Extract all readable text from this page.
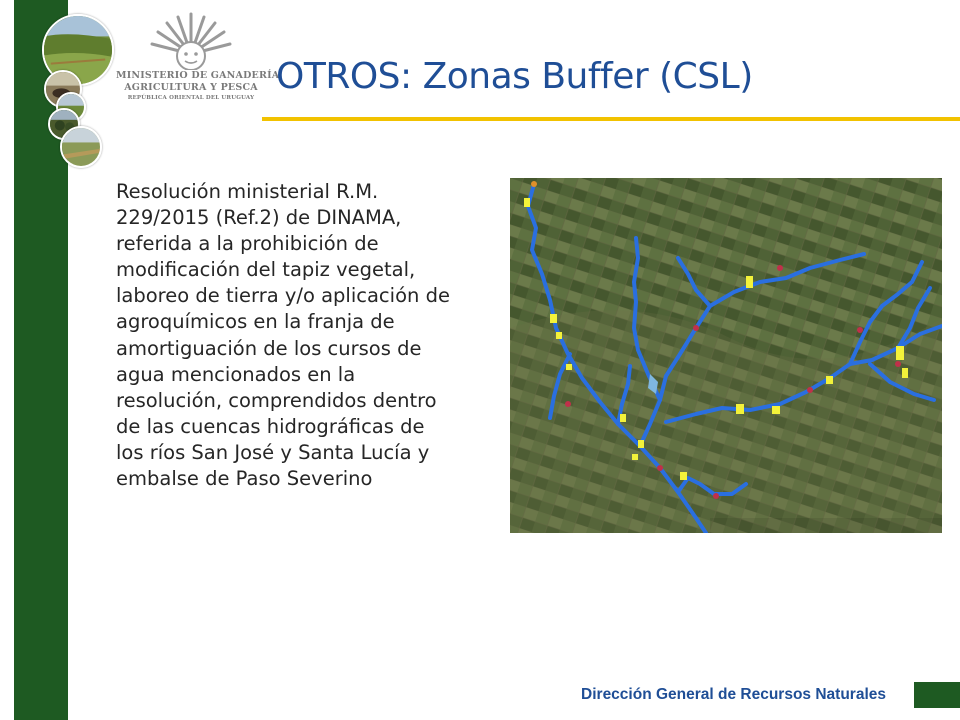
MINISTERIO DE GANADERÍA,
AGRICULTURA Y PESCA
REPÚBLICA ORIENTAL DEL URUGUAY
OTROS: Zonas Buffer (CSL)
Resolución ministerial R.M. 229/2015 (Ref.2) de DINAMA, referida a la prohibición de modificación del tapiz vegetal, laboreo de tierra y/o aplicación de agroquímicos en la franja de amortiguación de los cursos de agua mencionados en la resolución, comprendidos dentro de las cuencas hidrográficas de los ríos San José y Santa Lucía y embalse de Paso Severino
Dirección General de Recursos Naturales
